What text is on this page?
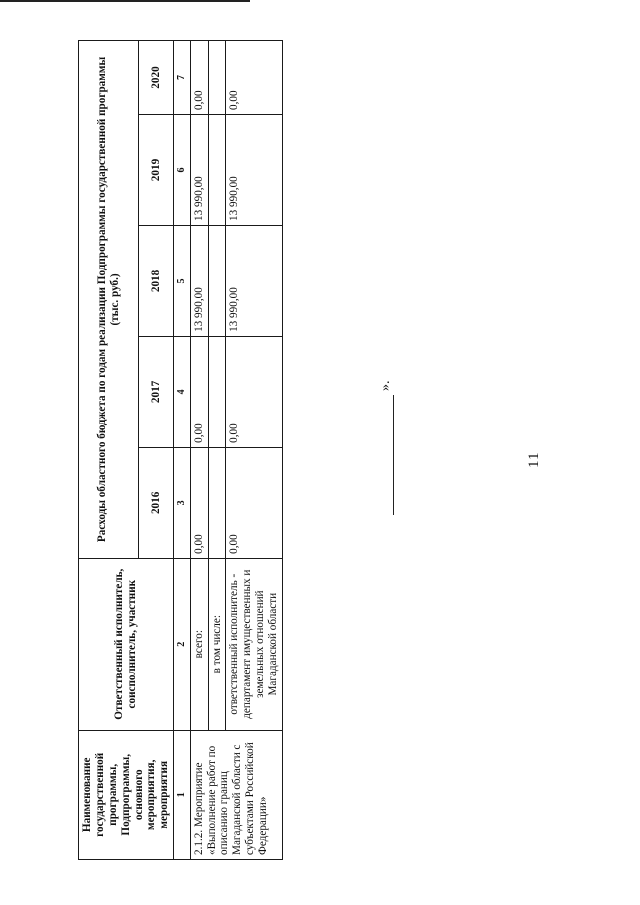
11
Наименование государственной программы, Подпрограммы, основного мероприятия, мероприятия	Ответственный исполнитель, соисполнитель, участник	Расходы областного бюджета по годам реализации Подпрограммы государственной программы (тыс. руб.)				
		2016	2017	2018	2019	2020
1	2	3	4	5	6	7
2.1.2. Мероприятие «Выполнение работ по описанию границ Магаданской области с субъектами Российской Федерации»	всего:	0,00	0,00	13 990,00	13 990,00	0,00
	в том числе:					
	ответственный исполнитель - департамент имущественных и земельных отношений Магаданской области	0,00	0,00	13 990,00	13 990,00	0,00
».
